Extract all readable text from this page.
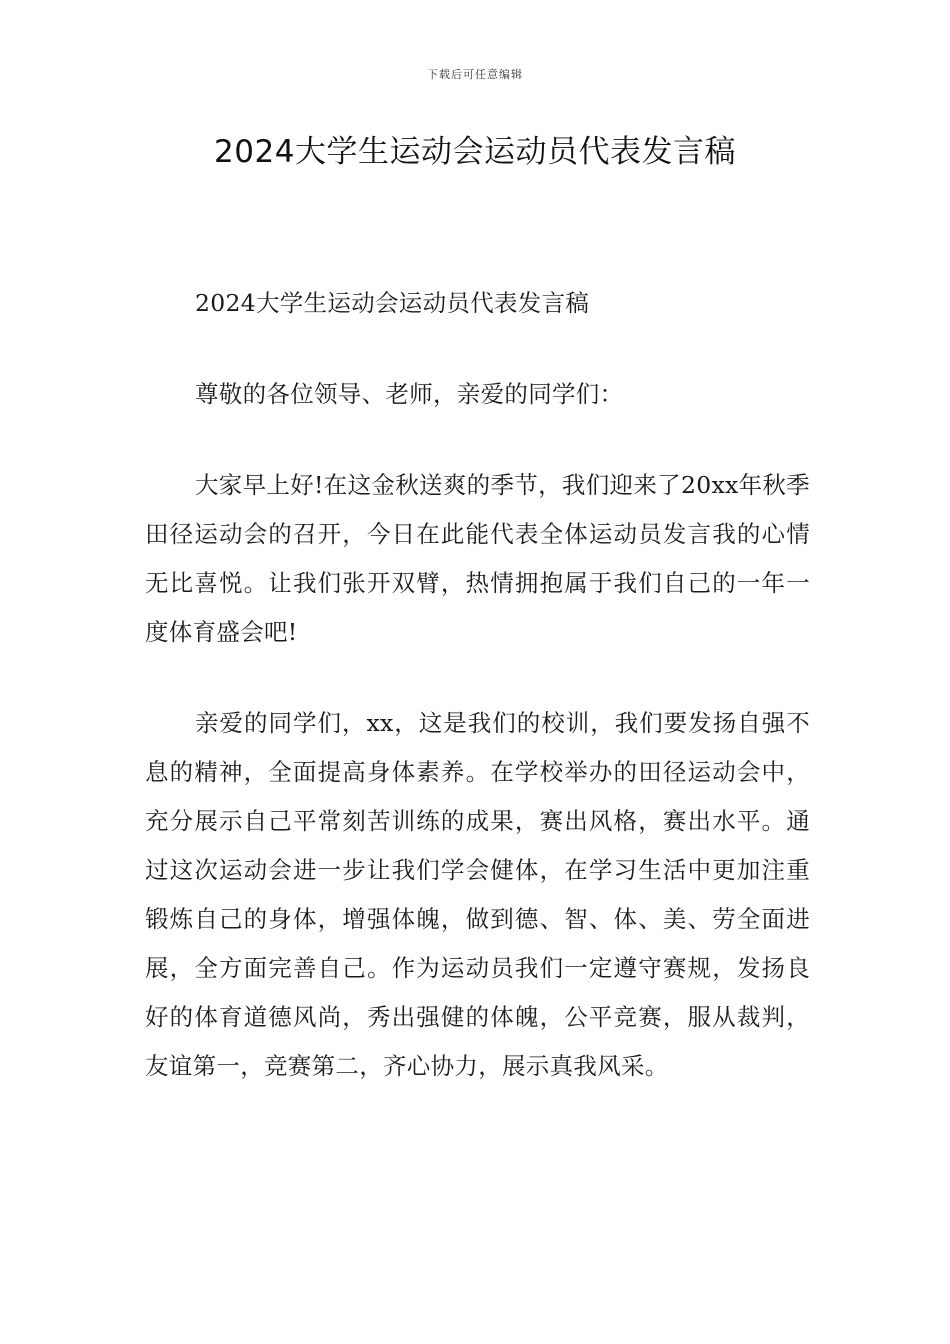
下载后可任意编辑
2024大学生运动会运动员代表发言稿

2024大学生运动会运动员代表发言稿

尊敬的各位领导、老师，亲爱的同学们：

大家早上好!在这金秋送爽的季节，我们迎来了20xx年秋季田径运动会的召开，今日在此能代表全体运动员发言我的心情无比喜悦。让我们张开双臂，热情拥抱属于我们自己的一年一度体育盛会吧!

亲爱的同学们，xx，这是我们的校训，我们要发扬自强不息的精神，全面提高身体素养。在学校举办的田径运动会中，充分展示自己平常刻苦训练的成果，赛出风格，赛出水平。通过这次运动会进一步让我们学会健体，在学习生活中更加注重锻炼自己的身体，增强体魄，做到德、智、体、美、劳全面进展，全方面完善自己。作为运动员我们一定遵守赛规，发扬良好的体育道德风尚，秀出强健的体魄，公平竞赛，服从裁判，友谊第一，竞赛第二，齐心协力，展示真我风采。
